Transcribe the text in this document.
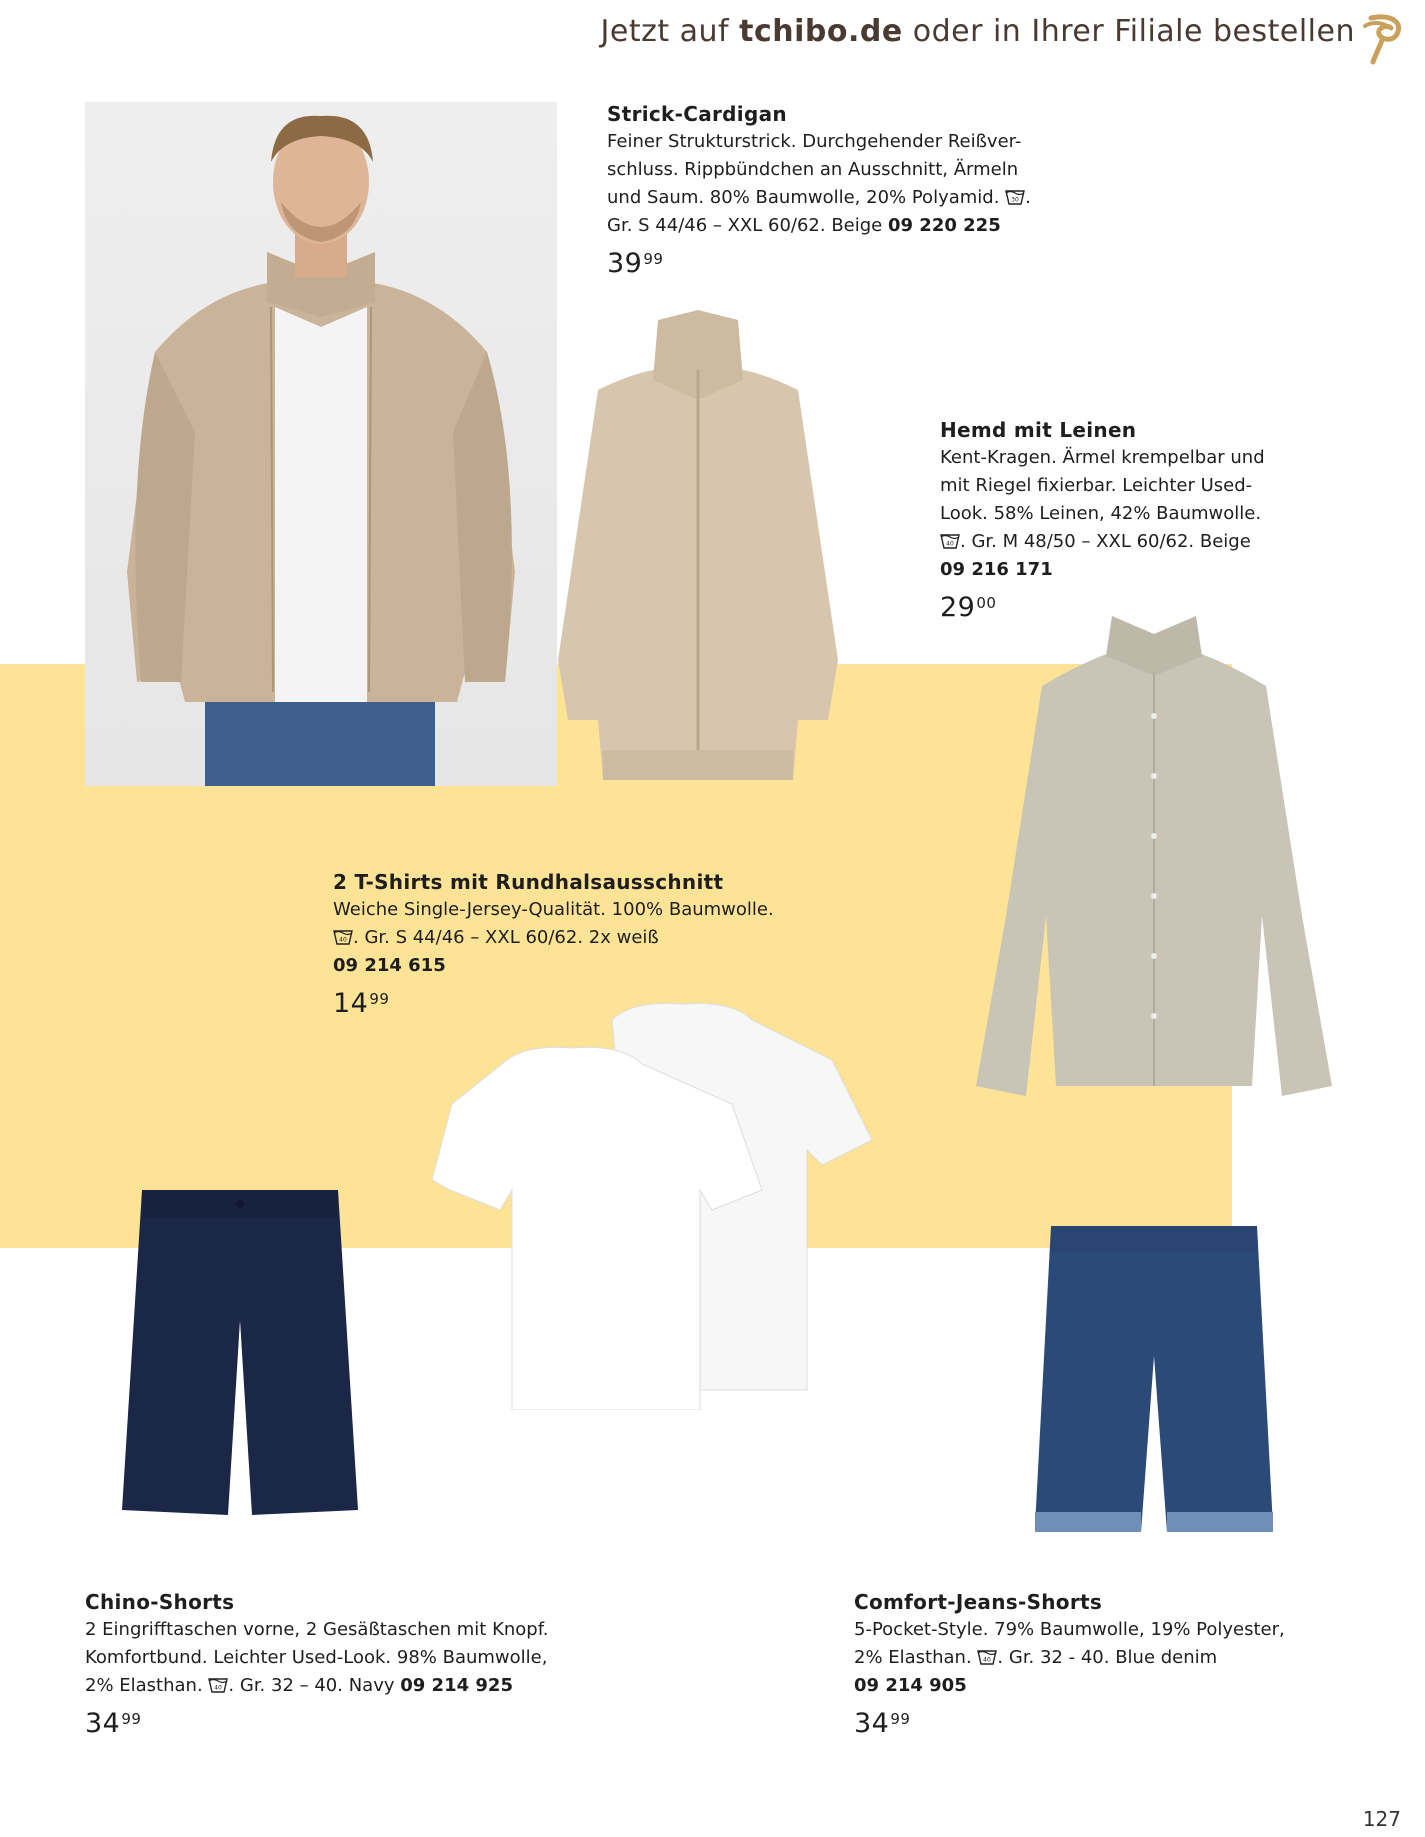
Jetzt auf tchibo.de oder in Ihrer Filiale bestellen
Strick-Cardigan
Feiner Strukturstrick. Durchgehender Reißver-
schluss. Rippbündchen an Ausschnitt, Ärmeln
und Saum. 80% Baumwolle, 20% Polyamid. 30 .
Gr. S 44/46 – XXL 60/62. Beige 09 220 225
$39^{99}$
Hemd mit Leinen
Kent-Kragen. Ärmel krempelbar und
mit Riegel fixierbar. Leichter Used-
Look. 58% Leinen, 42% Baumwolle.
40 . Gr. M 48/50 – XXL 60/62. Beige
09 216 171
$29^{00}$
2 T-Shirts mit Rundhalsausschnitt
Weiche Single-Jersey-Qualität. 100% Baumwolle.
40 . Gr. S 44/46 – XXL 60/62. 2x weiß
09 214 615
$14^{99}$
Chino-Shorts
2 Eingrifftaschen vorne, 2 Gesäßtaschen mit Knopf.
Komfortbund. Leichter Used-Look. 98% Baumwolle,
2% Elasthan. 40 . Gr. 32 – 40. Navy 09 214 925
$34^{99}$
Comfort-Jeans-Shorts
5-Pocket-Style. 79% Baumwolle, 19% Polyester,
2% Elasthan. 40 . Gr. 32 - 40. Blue denim
09 214 905
$34^{99}$
127
